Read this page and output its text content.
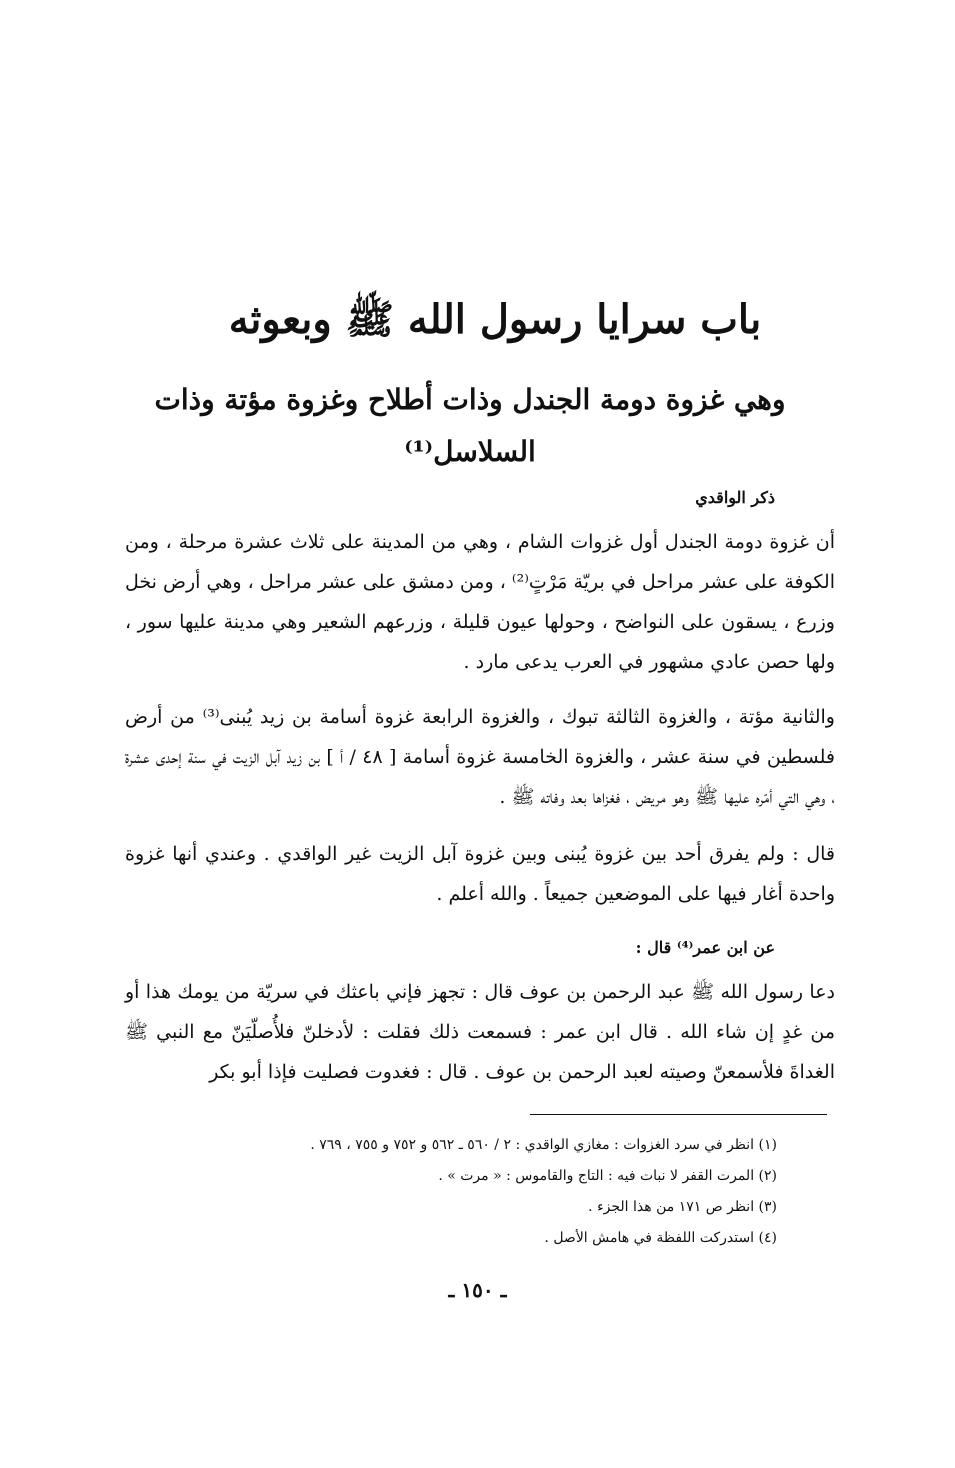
باب سرايا رسول الله ﷺ وبعوثه
وهي غزوة دومة الجندل وذات أطلاح وغزوة مؤتة وذات السلاسل⁽¹⁾
ذكر الواقدي
أن غزوة دومة الجندل أول غزوات الشام ، وهي من المدينة على ثلاث عشرة مرحلة ، ومن الكوفة على عشر مراحل في بريّة مَرْتٍ⁽²⁾ ، ومن دمشق على عشر مراحل ، وهي أرض نخل وزرع ، يسقون على النواضح ، وحولها عيون قليلة ، وزرعهم الشعير وهي مدينة عليها سور ، ولها حصن عادي مشهور في العرب يدعى مارد .
والثانية مؤتة ، والغزوة الثالثة تبوك ، والغزوة الرابعة غزوة أسامة بن زيد يُبنى⁽³⁾ من أرض فلسطين في سنة عشر ، والغزوة الخامسة غزوة أسامة [ ٤٨ / أ ] بن زيد آبل الزيت في سنة إحدى عشرة ، وهي التي أمّره عليها ﷺ وهو مريض ، فغزاها بعد وفاته ﷺ .
قال : ولم يفرق أحد بين غزوة يُبنى وبين غزوة آبل الزيت غير الواقدي . وعندي أنها غزوة واحدة أغار فيها على الموضعين جميعاً . والله أعلم .
عن ابن عمر⁽⁴⁾ قال :
دعا رسول الله ﷺ عبد الرحمن بن عوف قال : تجهز فإني باعثك في سريّة من يومك هذا أو من غدٍ إن شاء الله . قال ابن عمر : فسمعت ذلك فقلت : لأدخلنّ فلأُصلّيَنّ مع النبي ﷺ الغداةَ فلأسمعنّ وصيته لعبد الرحمن بن عوف . قال : فغدوت فصليت فإذا أبو بكر
(١) انظر في سرد الغزوات : مغازي الواقدي : ٢ / ٥٦٠ ـ ٥٦٢ و ٧٥٢ و ٧٥٥ ، ٧٦٩ .
(٢) المرت القفر لا نبات فيه : التاج والقاموس : « مرت » .
(٣) انظر ص ١٧١ من هذا الجزء .
(٤) استدركت اللفظة في هامش الأصل .
ـ ١٥٠ ـ
